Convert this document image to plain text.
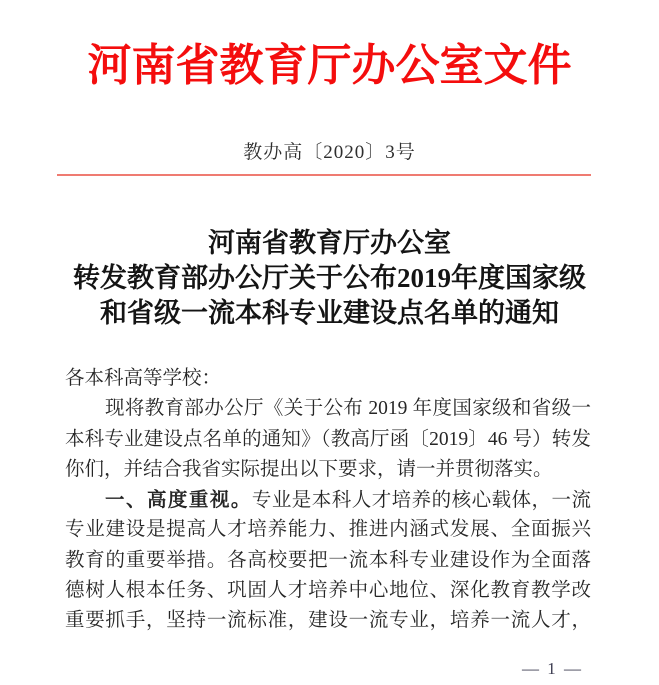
河南省教育厅办公室文件
教办高〔2020〕3号
河南省教育厅办公室
转发教育部办公厅关于公布2019年度国家级
和省级一流本科专业建设点名单的通知
各本科高等学校：
现将教育部办公厅《关于公布 2019 年度国家级和省级一
本科专业建设点名单的通知》（教高厅函〔2019〕46 号）转发
你们，并结合我省实际提出以下要求，请一并贯彻落实。
一、高度重视。专业是本科人才培养的核心载体，一流
专业建设是提高人才培养能力、推进内涵式发展、全面振兴
教育的重要举措。各高校要把一流本科专业建设作为全面落
德树人根本任务、巩固人才培养中心地位、深化教育教学改
重要抓手，坚持一流标准，建设一流专业，培养一流人才，
— 1 —
